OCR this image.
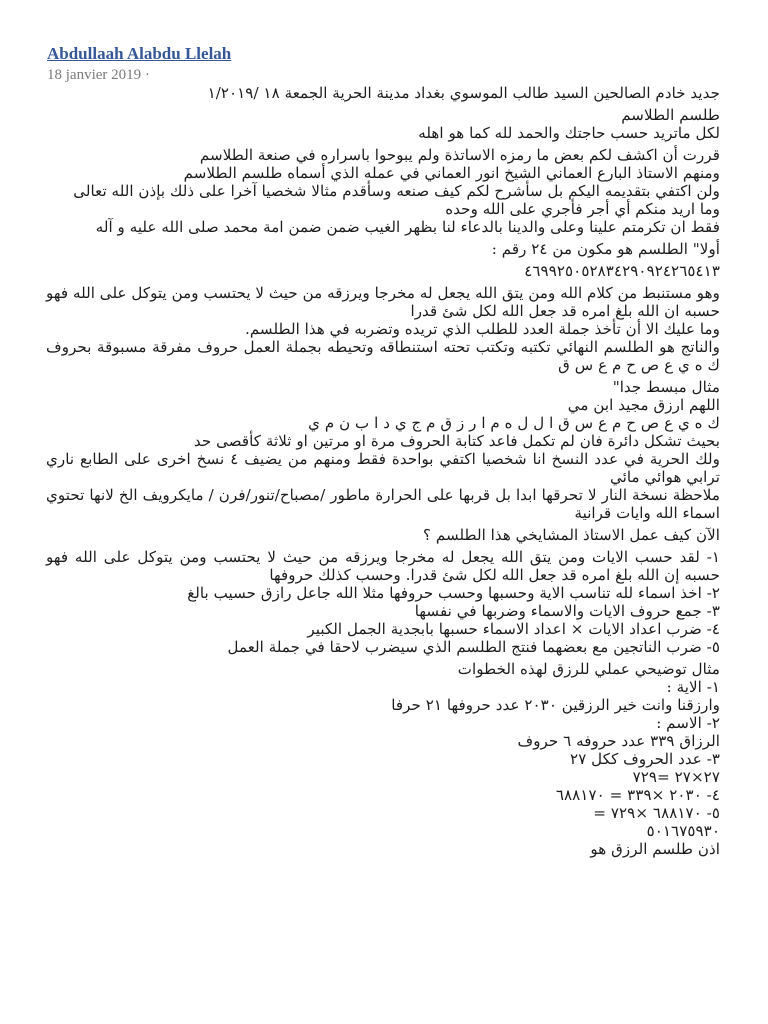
Abdullaah Alabdu Llelah
18 janvier 2019 ·
جديد خادم الصالحين السيد طالب الموسوي بغداد مدينة الحرية الجمعة ١٨ /١/٢٠١٩
طلسم الطلاسم
لكل ماتريد حسب حاجتك والحمد لله كما هو اهله
قررت أن اكشف لكم بعض ما رمزه الاساتذة ولم يبوحوا باسراره في صنعة الطلاسم
ومنهم الاستاذ البارع العماني الشيخ انور العماني في عمله الذي أسماه طلسم الطلاسم
ولن اكتفي بتقديمه اليكم بل سأشرح لكم كيف صنعه وسأقدم مثالا شخصيا آخرا على ذلك بإذن الله تعالى
وما اريد منكم أي أجر فأجري على الله وحده
فقط ان تكرمتم علينا وعلى والدينا بالدعاء لنا بظهر الغيب ضمن ضمن امة محمد صلى الله عليه و آله
أولا" الطلسم هو مكون من ٢٤ رقم :
٤٦٩٩٢٥٠٥٢٨٣٤٢٩٠٩٢٤٢٦٥٤١٣
وهو مستنبط من كلام الله ومن يتق الله يجعل له مخرجا ويرزقه من حيث لا يحتسب ومن يتوكل على الله فهو حسبه ان الله بلغ امره قد جعل الله لكل شئ قدرا
وما عليك الا أن تأخذ جملة العدد للطلب الذي تريده وتضربه في هذا الطلسم.
والناتج هو الطلسم النهائي تكتبه وتكتب تحته استنطاقه وتحيطه بجملة العمل حروف مفرقة مسبوقة بحروف ك ه ي ع ص ح م ع س ق
مثال مبسط جدا"
اللهم ارزق مجيد ابن مي
ك ه ي ع ص ح م ع س ق ا ل ل ه م ا ر ز ق م ج ي د ا ب ن م ي
بحيث تشكل دائرة فان لم تكمل فاعد كتابة الحروف مرة او مرتين او ثلاثة كأقصى حد
ولك الحرية في عدد النسخ انا شخصيا اكتفي بواحدة فقط ومنهم من يضيف ٤ نسخ اخرى على الطابع ناري ترابي هوائي مائي
ملاحظة نسخة النار لا تحرقها ابدا بل قربها على الحرارة ماطور /مصباح/تنور/فرن / مايكرويف الخ لانها تحتوي اسماء الله وايات قرانية
الآن كيف عمل الاستاذ المشايخي هذا الطلسم ؟
١- لقد حسب الايات ومن يتق الله يجعل له مخرجا ويرزقه من حيث لا يحتسب ومن يتوكل على الله فهو حسبه إن الله بلغ امره قد جعل الله لكل شئ قدرا. وحسب كذلك حروفها
٢- اخذ اسماء لله تناسب الاية وحسبها وحسب حروفها مثلا الله جاعل رازق حسيب بالغ
٣- جمع حروف الايات والاسماء وضربها في نفسها
٤- ضرب اعداد الايات × اعداد الاسماء حسبها بابجدية الجمل الكبير
٥- ضرب الناتجين مع بعضهما فنتج الطلسم الذي سيضرب لاحقا في جملة العمل
مثال توضيحي عملي للرزق لهذه الخطوات
١- الاية :
وارزقنا وانت خير الرزقين ٢٠٣٠ عدد حروفها ٢١ حرفا
٢- الاسم :
الرزاق ٣٣٩ عدد حروفه ٦ حروف
٣- عدد الحروف ككل ٢٧
٢٧×٢٧ =٧٢٩
٤- ٢٠٣٠ ×٣٣٩ = ٦٨٨١٧٠
٥- ٦٨٨١٧٠ ×٧٢٩ =
٥٠١٦٧٥٩٣٠
اذن طلسم الرزق هو
